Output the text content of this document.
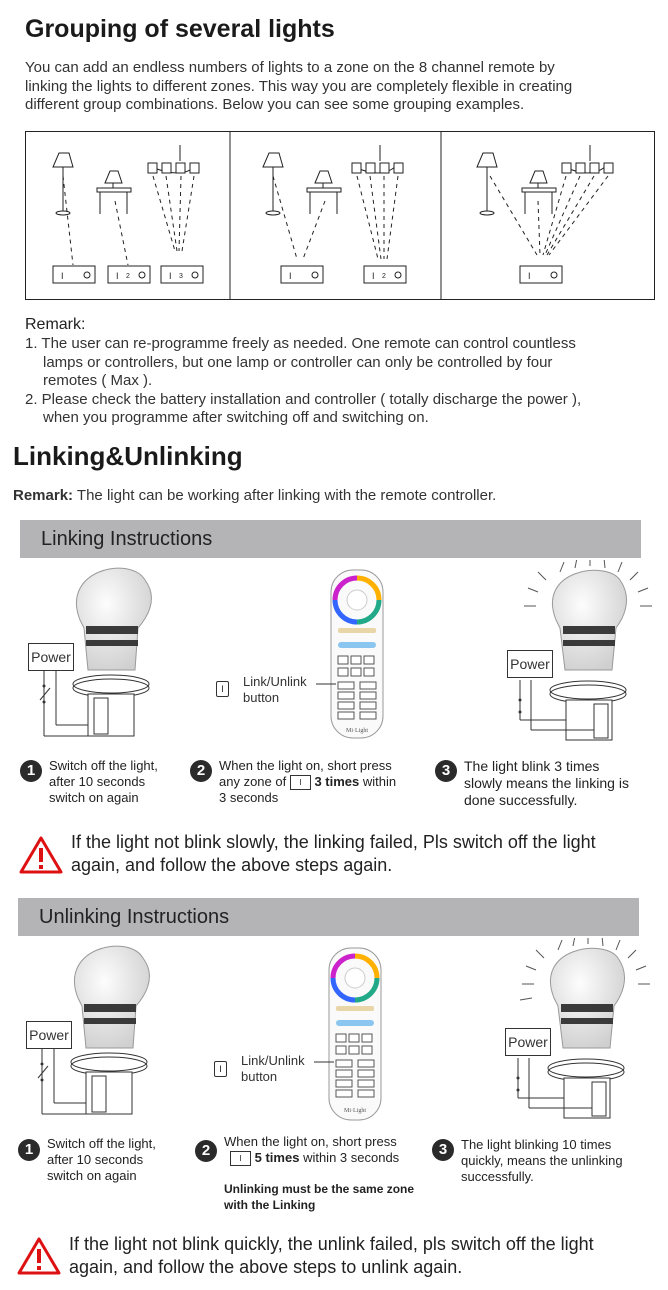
Grouping of several lights
You can add an endless numbers of lights to a zone on the 8 channel remote by
linking the lights to different zones. This way you are completely flexible in creating
different group combinations. Below you can see some grouping examples.
I	I	I
2	3	I	I 2	I
Remark:
1. The user can re-programme freely as needed. One remote can control countless
lamps or controllers, but one lamp or controller can only be controlled by four
remotes ( Max ).
2. Please check the battery installation and controller ( totally discharge the power ),
when you programme after switching off and switching on.
Linking&Unlinking
Remark: The light can be working after linking with the remote controller.
Linking Instructions
Mi·Light
Power	Power
I	Link/Unlink
button
1	Switch off the light,
after 10 seconds
switch on again
2	When the light on, short press
any zone of I 3 times within
3 seconds
3 The light blink 3 times
slowly means the linking is
done successfully.
If the light not blink slowly, the linking failed, Pls switch off the light
again, and follow the above steps again.
Unlinking Instructions
Mi·Light
Power	Power
I
Link/Unlink
button
1	Switch off the light,
after 10 seconds
switch on again
2
When the light on, short press
I 5 times within 3 seconds
Unlinking must be the same zone
with the Linking
3	The light blinking 10 times
quickly, means the unlinking
successfully.
If the light not blink quickly, the unlink failed, pls switch off the light
again, and follow the above steps to unlink again.
